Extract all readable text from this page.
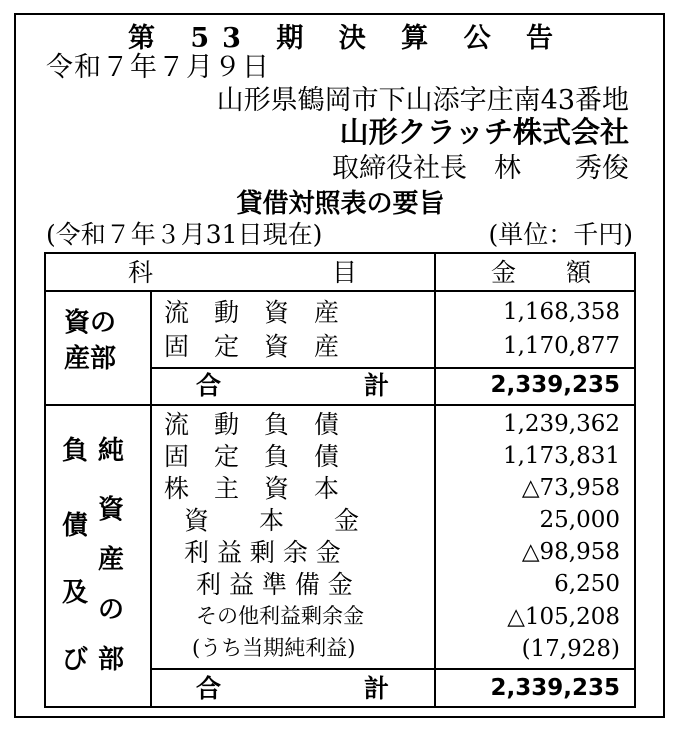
第 53 期 決 算 公 告
令和７年７月９日
山形県鶴岡市下山添字庄南43番地
山形クラッチ株式会社
取締役社長　林　　秀俊
貸借対照表の要旨
(令和７年３月31日現在)	(単位：千円)
科	目	金　　額
資の
産部
流　動　資　産	1,168,358
固　定　資　産	1,170,877
合	計	2,339,235
負
債
及
び
純
資
産
の
部
流　動　負　債	1,239,362
固　定　負　債	1,173,831
株　主　資　本	△73,958
資　　本　　金	25,000
利 益 剰 余 金	△98,958
利 益 準 備 金	6,250
その他利益剰余金	△105,208
(うち当期純利益)	(17,928)
合	計	2,339,235
